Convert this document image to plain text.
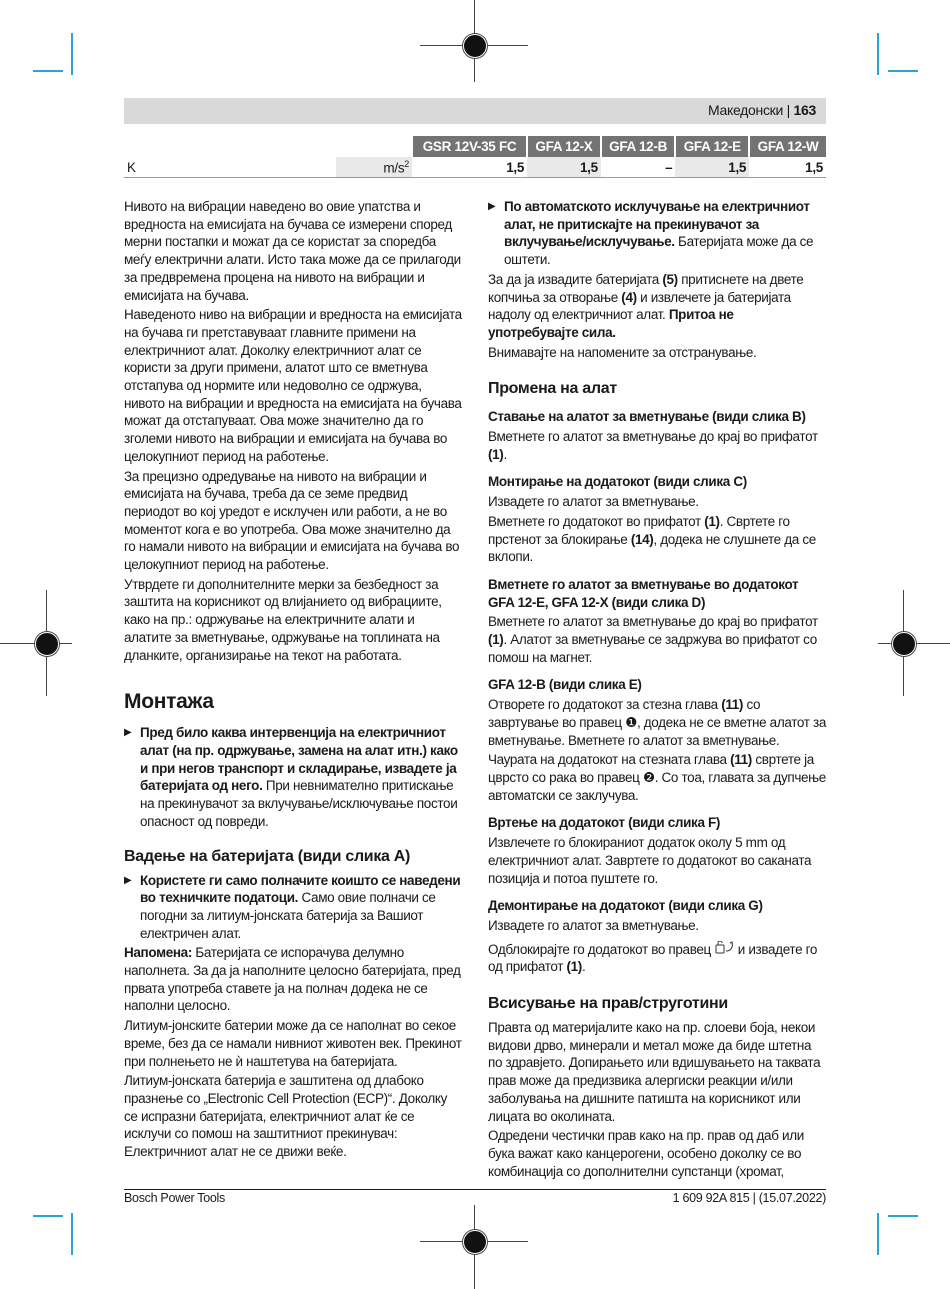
Македонски | 163
		GSR 12V-35 FC	GFA 12-X	GFA 12-B	GFA 12-E	GFA 12-W
K	$m/s^2$	1,5	1,5	–	1,5	1,5

Нивото на вибрации наведено во овие упатства и вредноста на емисијата на бучава се измерени според мерни постапки и можат да се користат за споредба меѓу електрични алати. Исто така може да се прилагоди за предвремена процена на нивото на вибрации и емисијата на бучава.

Наведеното ниво на вибрации и вредноста на емисијата на бучава ги претставуваат главните примени на електричниот алат. Доколку електричниот алат се користи за други примени, алатот што се вметнува отстапува од нормите или недоволно се одржува, нивото на вибрации и вредноста на емисијата на бучава можат да отстапуваат. Ова може значително да го зголеми нивото на вибрации и емисијата на бучава во целокупниот период на работење.

За прецизно одредување на нивото на вибрации и емисијата на бучава, треба да се земе предвид периодот во кој уредот е исклучен или работи, а не во моментот кога е во употреба. Ова може значително да го намали нивото на вибрации и емисијата на бучава во целокупниот период на работење.

Утврдете ги дополнителните мерки за безбедност за заштита на корисникот од влијанието од вибрациите, како на пр.: одржување на електричните алати и алатите за вметнување, одржување на топлината на дланките, организирање на текот на работата.

Монтажа

▶ Пред било каква интервенција на електричниот алат (на пр. одржување, замена на алат итн.) како и при негов транспорт и складирање, извадете ја батеријата од него. При невнимателно притискање на прекинувачот за вклучување/исключување постои опасност од повреди.

Вадење на батеријата (види слика A)

▶ Користете ги само полначите коишто се наведени во техничките податоци. Само овие полначи се погодни за литиум-јонската батерија за Вашиот електричен алат.

Напомена: Батеријата се испорачува делумно наполнета. За да ја наполните целосно батеријата, пред првата употреба ставете ја на полнач додека не се наполни целосно.

Литиум-јонските батерии може да се наполнат во секое време, без да се намали нивниот животен век. Прекинот при полнењето не ѝ наштетува на батеријата.

Литиум-јонската батерија е заштитена од длабоко празнење со „Electronic Cell Protection (ECP)“. Доколку се испразни батеријата, електричниот алат ќе се исклучи со помош на заштитниот прекинувач: Електричниот алат не се движи веќе.

▶ По автоматското исклучување на електричниот алат, не притискајте на прекинувачот за вклучување/исклучување. Батеријата може да се оштети.

За да ја извадите батеријата (5) притиснете на двете копчиња за отворање (4) и извлечете ја батеријата надолу од електричниот алат. Притоа не употребувајте сила.

Внимавајте на напомените за отстранување.

Промена на алат
Ставање на алатот за вметнување (види слика B)

Вметнете го алатот за вметнување до крај во прифатот (1).

Монтирање на додатокот (види слика C)

Извадете го алатот за вметнување.

Вметнете го додатокот во прифатот (1). Свртете го прстенот за блокирање (14), додека не слушнете да се вклопи.

Вметнете го алатот за вметнување во додатокот GFA 12-E, GFA 12-X (види слика D)

Вметнете го алатот за вметнување до крај во прифатот (1). Алатот за вметнување се задржува во прифатот со помош на магнет.

GFA 12-B (види слика E)

Отворете го додатокот за стезна глава (11) со завртување во правец ❶, додека не се вметне алатот за вметнување. Вметнете го алатот за вметнување.

Чаурата на додатокот на стезната глава (11) свртете ја цврсто со рака во правец ❷. Со тоа, главата за дупчење автоматски се заклучува.

Вртење на додатокот (види слика F)

Извлечете го блокираниот додаток околу 5 mm од електричниот алат. Завртете го додатокот во саканата позиција и потоа пуштете го.

Демонтирање на додатокот (види слика G)

Извадете го алатот за вметнување.

Одблокирајте го додатокот во правец  и извадете го од прифатот (1).

Всисување на прав/струготини

Правта од материјалите како на пр. слоеви боја, некои видови дрво, минерали и метал може да биде штетна по здравјето. Допирањето или вдишувањето на таквата прав може да предизвика алергиски реакции и/или заболувања на дишните патишта на корисникот или лицата во околината.

Одредени честички прав како на пр. прав од даб или бука важат како канцерогени, особено доколку се во комбинација со дополнителни супстанци (хромат,

Bosch Power Tools	1 609 92A 815 | (15.07.2022)
